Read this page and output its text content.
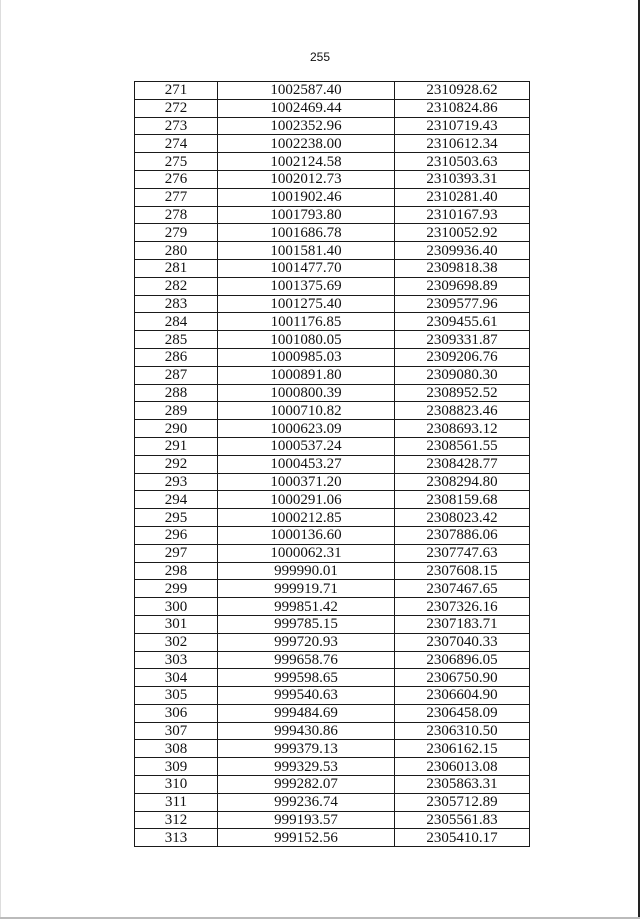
255
271	1002587.40	2310928.62
272	1002469.44	2310824.86
273	1002352.96	2310719.43
274	1002238.00	2310612.34
275	1002124.58	2310503.63
276	1002012.73	2310393.31
277	1001902.46	2310281.40
278	1001793.80	2310167.93
279	1001686.78	2310052.92
280	1001581.40	2309936.40
281	1001477.70	2309818.38
282	1001375.69	2309698.89
283	1001275.40	2309577.96
284	1001176.85	2309455.61
285	1001080.05	2309331.87
286	1000985.03	2309206.76
287	1000891.80	2309080.30
288	1000800.39	2308952.52
289	1000710.82	2308823.46
290	1000623.09	2308693.12
291	1000537.24	2308561.55
292	1000453.27	2308428.77
293	1000371.20	2308294.80
294	1000291.06	2308159.68
295	1000212.85	2308023.42
296	1000136.60	2307886.06
297	1000062.31	2307747.63
298	999990.01	2307608.15
299	999919.71	2307467.65
300	999851.42	2307326.16
301	999785.15	2307183.71
302	999720.93	2307040.33
303	999658.76	2306896.05
304	999598.65	2306750.90
305	999540.63	2306604.90
306	999484.69	2306458.09
307	999430.86	2306310.50
308	999379.13	2306162.15
309	999329.53	2306013.08
310	999282.07	2305863.31
311	999236.74	2305712.89
312	999193.57	2305561.83
313	999152.56	2305410.17
